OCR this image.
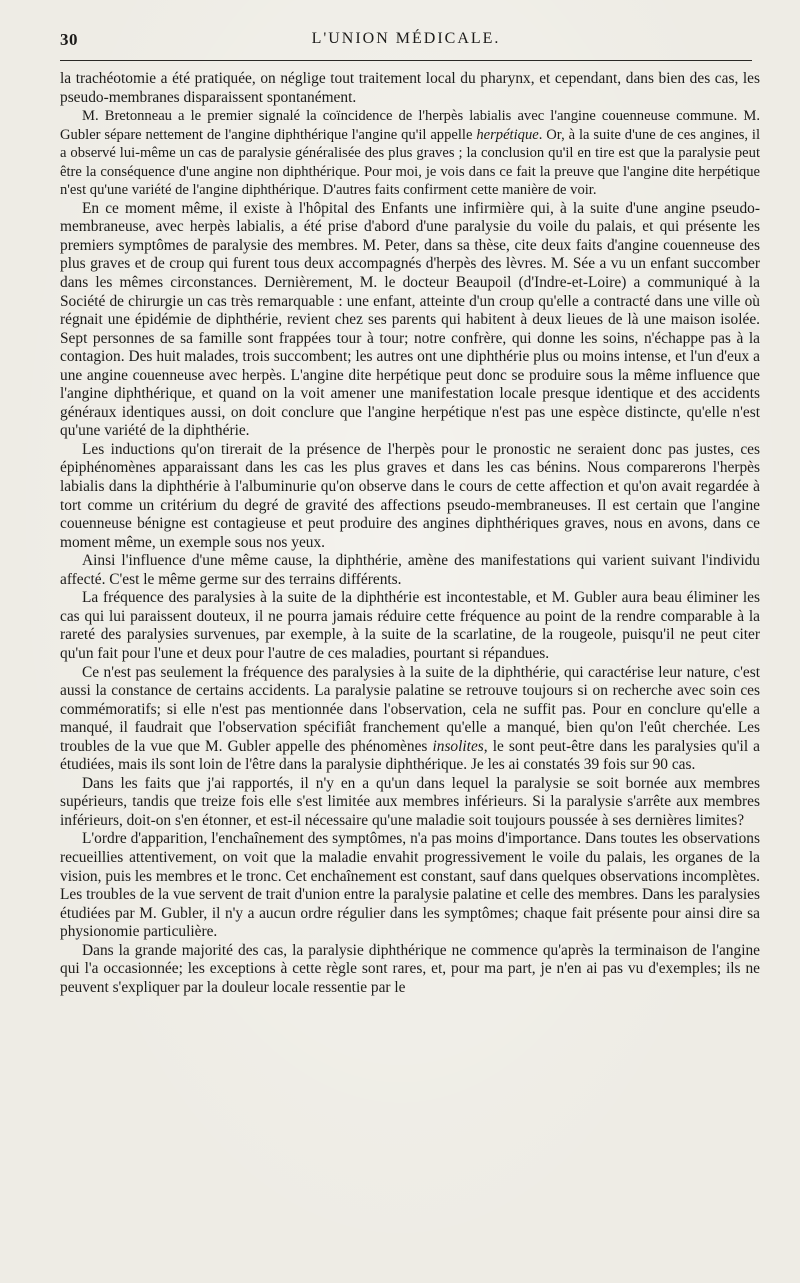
30	L'UNION MÉDICALE.

la trachéotomie a été pratiquée, on néglige tout traitement local du pharynx, et cependant, dans bien des cas, les pseudo-membranes disparaissent spontanément.

M. Bretonneau a le premier signalé la coïncidence de l'herpès labialis avec l'angine couenneuse commune. M. Gubler sépare nettement de l'angine diphthérique l'angine qu'il appelle herpétique. Or, à la suite d'une de ces angines, il a observé lui-même un cas de paralysie généralisée des plus graves ; la conclusion qu'il en tire est que la paralysie peut être la conséquence d'une angine non diphthérique. Pour moi, je vois dans ce fait la preuve que l'angine dite herpétique n'est qu'une variété de l'angine diphthérique. D'autres faits confirment cette manière de voir.

En ce moment même, il existe à l'hôpital des Enfants une infirmière qui, à la suite d'une angine pseudo-membraneuse, avec herpès labialis, a été prise d'abord d'une paralysie du voile du palais, et qui présente les premiers symptômes de paralysie des membres. M. Peter, dans sa thèse, cite deux faits d'angine couenneuse des plus graves et de croup qui furent tous deux accompagnés d'herpès des lèvres. M. Sée a vu un enfant succomber dans les mêmes circonstances. Dernièrement, M. le docteur Beaupoil (d'Indre-et-Loire) a communiqué à la Société de chirurgie un cas très remarquable : une enfant, atteinte d'un croup qu'elle a contracté dans une ville où régnait une épidémie de diphthérie, revient chez ses parents qui habitent à deux lieues de là une maison isolée. Sept personnes de sa famille sont frappées tour à tour; notre confrère, qui donne les soins, n'échappe pas à la contagion. Des huit malades, trois succombent; les autres ont une diphthérie plus ou moins intense, et l'un d'eux a une angine couenneuse avec herpès. L'angine dite herpétique peut donc se produire sous la même influence que l'angine diphthérique, et quand on la voit amener une manifestation locale presque identique et des accidents généraux identiques aussi, on doit conclure que l'angine herpétique n'est pas une espèce distincte, qu'elle n'est qu'une variété de la diphthérie.

Les inductions qu'on tirerait de la présence de l'herpès pour le pronostic ne seraient donc pas justes, ces épiphénomènes apparaissant dans les cas les plus graves et dans les cas bénins. Nous comparerons l'herpès labialis dans la diphthérie à l'albuminurie qu'on observe dans le cours de cette affection et qu'on avait regardée à tort comme un critérium du degré de gravité des affections pseudo-membraneuses. Il est certain que l'angine couenneuse bénigne est contagieuse et peut produire des angines diphthériques graves, nous en avons, dans ce moment même, un exemple sous nos yeux.

Ainsi l'influence d'une même cause, la diphthérie, amène des manifestations qui varient suivant l'individu affecté. C'est le même germe sur des terrains différents.

La fréquence des paralysies à la suite de la diphthérie est incontestable, et M. Gubler aura beau éliminer les cas qui lui paraissent douteux, il ne pourra jamais réduire cette fréquence au point de la rendre comparable à la rareté des paralysies survenues, par exemple, à la suite de la scarlatine, de la rougeole, puisqu'il ne peut citer qu'un fait pour l'une et deux pour l'autre de ces maladies, pourtant si répandues.

Ce n'est pas seulement la fréquence des paralysies à la suite de la diphthérie, qui caractérise leur nature, c'est aussi la constance de certains accidents. La paralysie palatine se retrouve toujours si on recherche avec soin ces commémoratifs; si elle n'est pas mentionnée dans l'observation, cela ne suffit pas. Pour en conclure qu'elle a manqué, il faudrait que l'observation spécifiât franchement qu'elle a manqué, bien qu'on l'eût cherchée. Les troubles de la vue que M. Gubler appelle des phénomènes insolites, le sont peut-être dans les paralysies qu'il a étudiées, mais ils sont loin de l'être dans la paralysie diphthérique. Je les ai constatés 39 fois sur 90 cas.

Dans les faits que j'ai rapportés, il n'y en a qu'un dans lequel la paralysie se soit bornée aux membres supérieurs, tandis que treize fois elle s'est limitée aux membres inférieurs. Si la paralysie s'arrête aux membres inférieurs, doit-on s'en étonner, et est-il nécessaire qu'une maladie soit toujours poussée à ses dernières limites?

L'ordre d'apparition, l'enchaînement des symptômes, n'a pas moins d'importance. Dans toutes les observations recueillies attentivement, on voit que la maladie envahit progressivement le voile du palais, les organes de la vision, puis les membres et le tronc. Cet enchaînement est constant, sauf dans quelques observations incomplètes. Les troubles de la vue servent de trait d'union entre la paralysie palatine et celle des membres. Dans les paralysies étudiées par M. Gubler, il n'y a aucun ordre régulier dans les symptômes; chaque fait présente pour ainsi dire sa physionomie particulière.

Dans la grande majorité des cas, la paralysie diphthérique ne commence qu'après la terminaison de l'angine qui l'a occasionnée; les exceptions à cette règle sont rares, et, pour ma part, je n'en ai pas vu d'exemples; ils ne peuvent s'expliquer par la douleur locale ressentie par le
